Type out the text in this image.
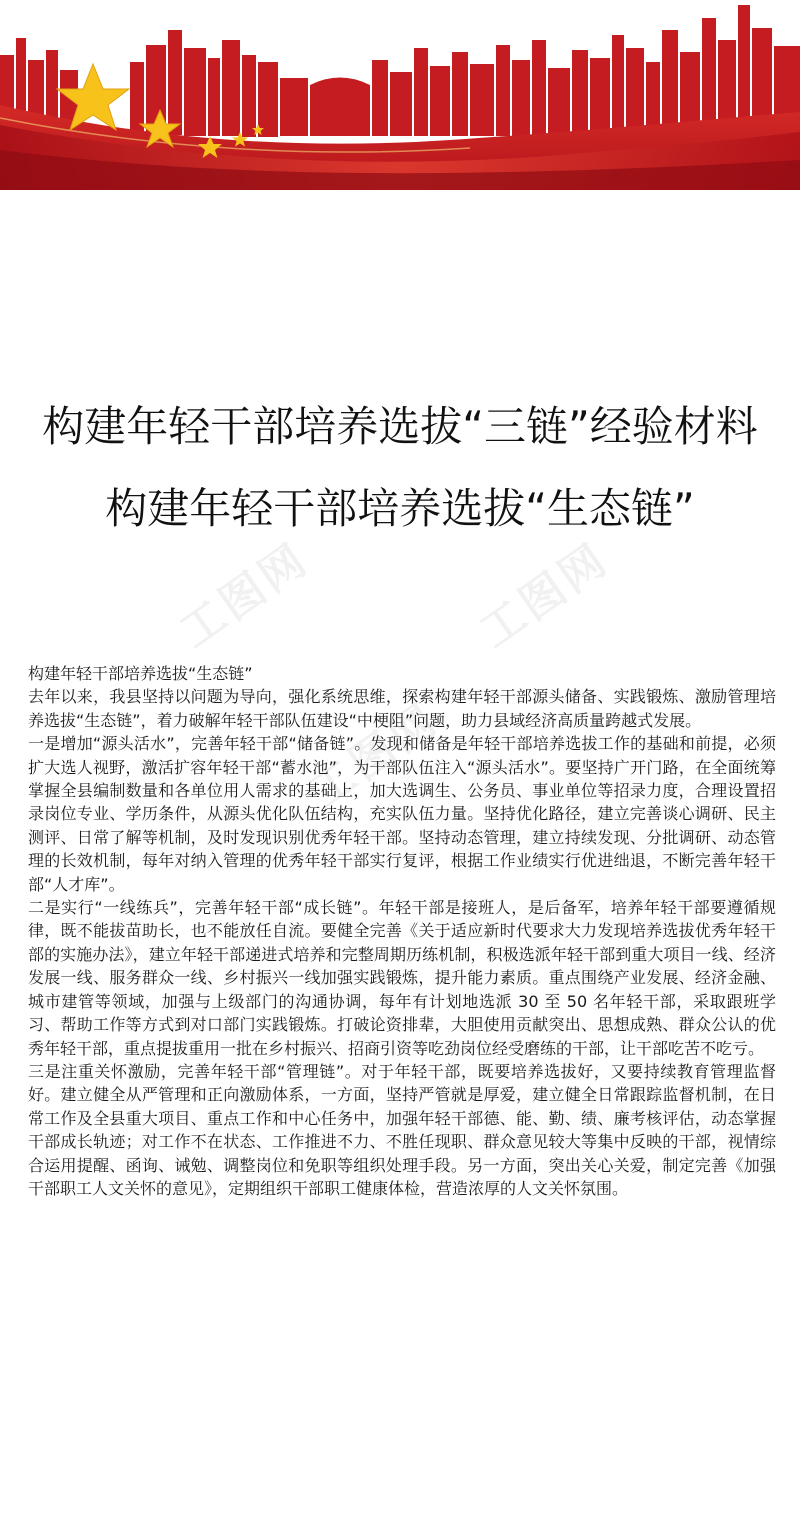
工图网	工图网
工图网
构建年轻干部培养选拔“三链”经验材料构建年轻干部培养选拔“生态链”

构建年轻干部培养选拔“生态链”

去年以来，我县坚持以问题为导向，强化系统思维，探索构建年轻干部源头储备、实践锻炼、激励管理培养选拔“生态链”，着力破解年轻干部队伍建设“中梗阻”问题，助力县域经济高质量跨越式发展。

一是增加“源头活水”，完善年轻干部“储备链”。发现和储备是年轻干部培养选拔工作的基础和前提，必须扩大选人视野，激活扩容年轻干部“蓄水池”，为干部队伍注入“源头活水”。要坚持广开门路，在全面统筹掌握全县编制数量和各单位用人需求的基础上，加大选调生、公务员、事业单位等招录力度，合理设置招录岗位专业、学历条件，从源头优化队伍结构，充实队伍力量。坚持优化路径，建立完善谈心调研、民主测评、日常了解等机制，及时发现识别优秀年轻干部。坚持动态管理，建立持续发现、分批调研、动态管理的长效机制，每年对纳入管理的优秀年轻干部实行复评，根据工作业绩实行优进绌退，不断完善年轻干部“人才库”。

二是实行“一线练兵”，完善年轻干部“成长链”。年轻干部是接班人，是后备军，培养年轻干部要遵循规律，既不能拔苗助长，也不能放任自流。要健全完善《关于适应新时代要求大力发现培养选拔优秀年轻干部的实施办法》，建立年轻干部递进式培养和完整周期历练机制，积极选派年轻干部到重大项目一线、经济发展一线、服务群众一线、乡村振兴一线加强实践锻炼，提升能力素质。重点围绕产业发展、经济金融、城市建管等领域，加强与上级部门的沟通协调，每年有计划地选派 30 至 50 名年轻干部，采取跟班学习、帮助工作等方式到对口部门实践锻炼。打破论资排辈，大胆使用贡献突出、思想成熟、群众公认的优秀年轻干部，重点提拔重用一批在乡村振兴、招商引资等吃劲岗位经受磨练的干部，让干部吃苦不吃亏。

三是注重关怀激励，完善年轻干部“管理链”。对于年轻干部，既要培养选拔好，又要持续教育管理监督好。建立健全从严管理和正向激励体系，一方面，坚持严管就是厚爱，建立健全日常跟踪监督机制，在日常工作及全县重大项目、重点工作和中心任务中，加强年轻干部德、能、勤、绩、廉考核评估，动态掌握干部成长轨迹；对工作不在状态、工作推进不力、不胜任现职、群众意见较大等集中反映的干部，视情综合运用提醒、函询、诫勉、调整岗位和免职等组织处理手段。另一方面，突出关心关爱，制定完善《加强干部职工人文关怀的意见》，定期组织干部职工健康体检，营造浓厚的人文关怀氛围。
